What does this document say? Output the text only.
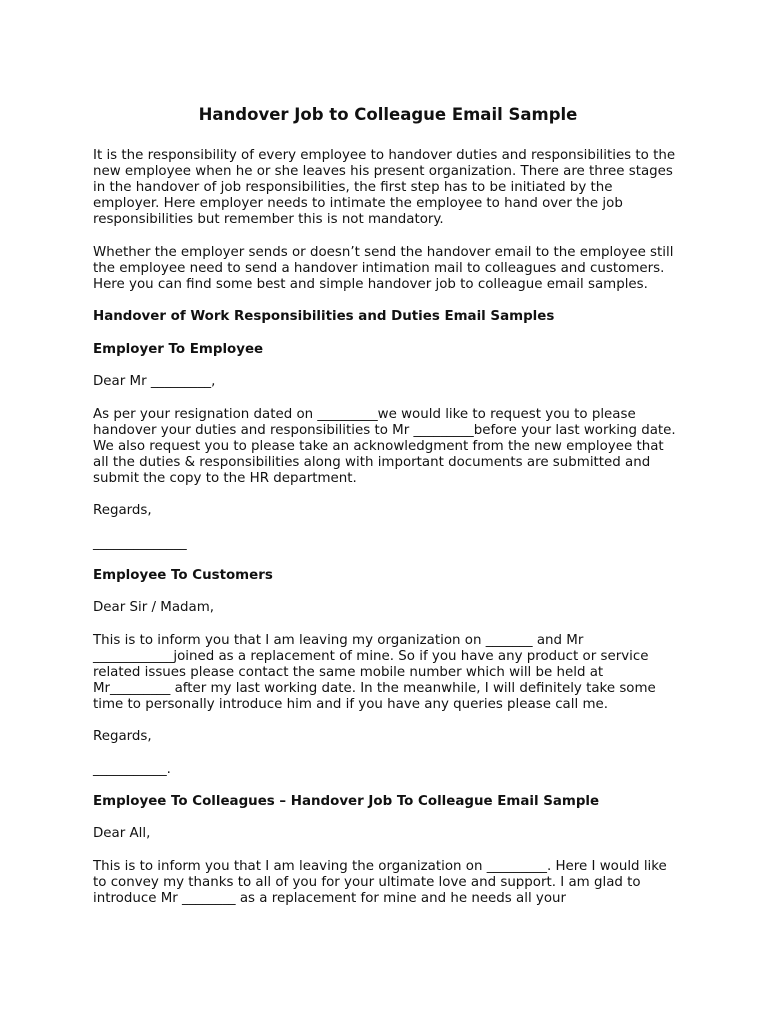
Handover Job to Colleague Email Sample

It is the responsibility of every employee to handover duties and responsibilities to the new employee when he or she leaves his present organization. There are three stages in the handover of job responsibilities, the first step has to be initiated by the employer. Here employer needs to intimate the employee to hand over the job responsibilities but remember this is not mandatory.

Whether the employer sends or doesn’t send the handover email to the employee still the employee need to send a handover intimation mail to colleagues and customers. Here you can find some best and simple handover job to colleague email samples.

Handover of Work Responsibilities and Duties Email Samples

Employer To Employee

Dear Mr _________,

As per your resignation dated on _________we would like to request you to please handover your duties and responsibilities to Mr _________before your last working date. We also request you to please take an acknowledgment from the new employee that all the duties & responsibilities along with important documents are submitted and submit the copy to the HR department.

Regards,

______________

Employee To Customers

Dear Sir / Madam,

This is to inform you that I am leaving my organization on _______ and Mr ____________joined as a replacement of mine. So if you have any product or service related issues please contact the same mobile number which will be held at Mr_________ after my last working date. In the meanwhile, I will definitely take some time to personally introduce him and if you have any queries please call me.

Regards,

___________.

Employee To Colleagues – Handover Job To Colleague Email Sample

Dear All,

This is to inform you that I am leaving the organization on _________. Here I would like to convey my thanks to all of you for your ultimate love and support. I am glad to introduce Mr ________ as a replacement for mine and he needs all your
